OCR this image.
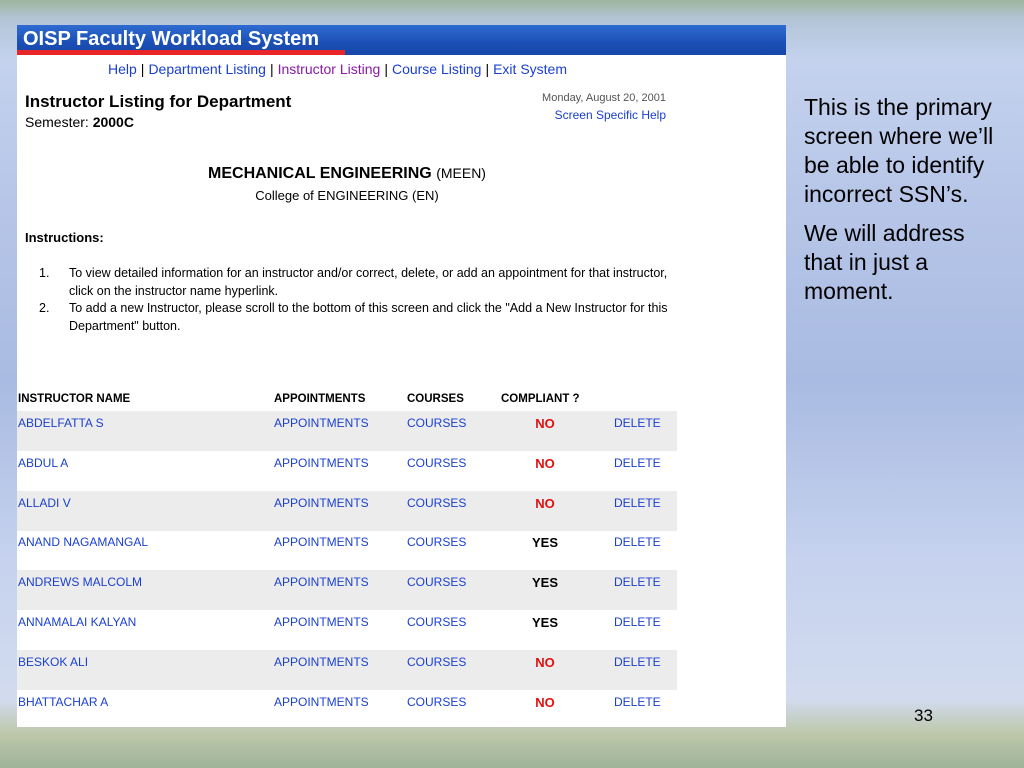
OISP Faculty Workload System
Help | Department Listing | Instructor Listing | Course Listing | Exit System
Instructor Listing for Department
Semester: 2000C
Monday, August 20, 2001
Screen Specific Help
MECHANICAL ENGINEERING (MEEN)
College of ENGINEERING (EN)
Instructions:
1. To view detailed information for an instructor and/or correct, delete, or add an appointment for that instructor, click on the instructor name hyperlink.
2. To add a new Instructor, please scroll to the bottom of this screen and click the "Add a New Instructor for this Department" button.
INSTRUCTOR NAME	APPOINTMENTS	COURSES	COMPLIANT ?
ABDELFATTA S	APPOINTMENTS	COURSES	NO	DELETE
ABDUL A	APPOINTMENTS	COURSES	NO	DELETE
ALLADI V	APPOINTMENTS	COURSES	NO	DELETE
ANAND NAGAMANGAL	APPOINTMENTS	COURSES	YES	DELETE
ANDREWS MALCOLM	APPOINTMENTS	COURSES	YES	DELETE
ANNAMALAI KALYAN	APPOINTMENTS	COURSES	YES	DELETE
BESKOK ALI	APPOINTMENTS	COURSES	NO	DELETE
BHATTACHAR A	APPOINTMENTS	COURSES	NO	DELETE

This is the primary screen where we’ll be able to identify incorrect SSN’s.

We will address that in just a moment.

33
